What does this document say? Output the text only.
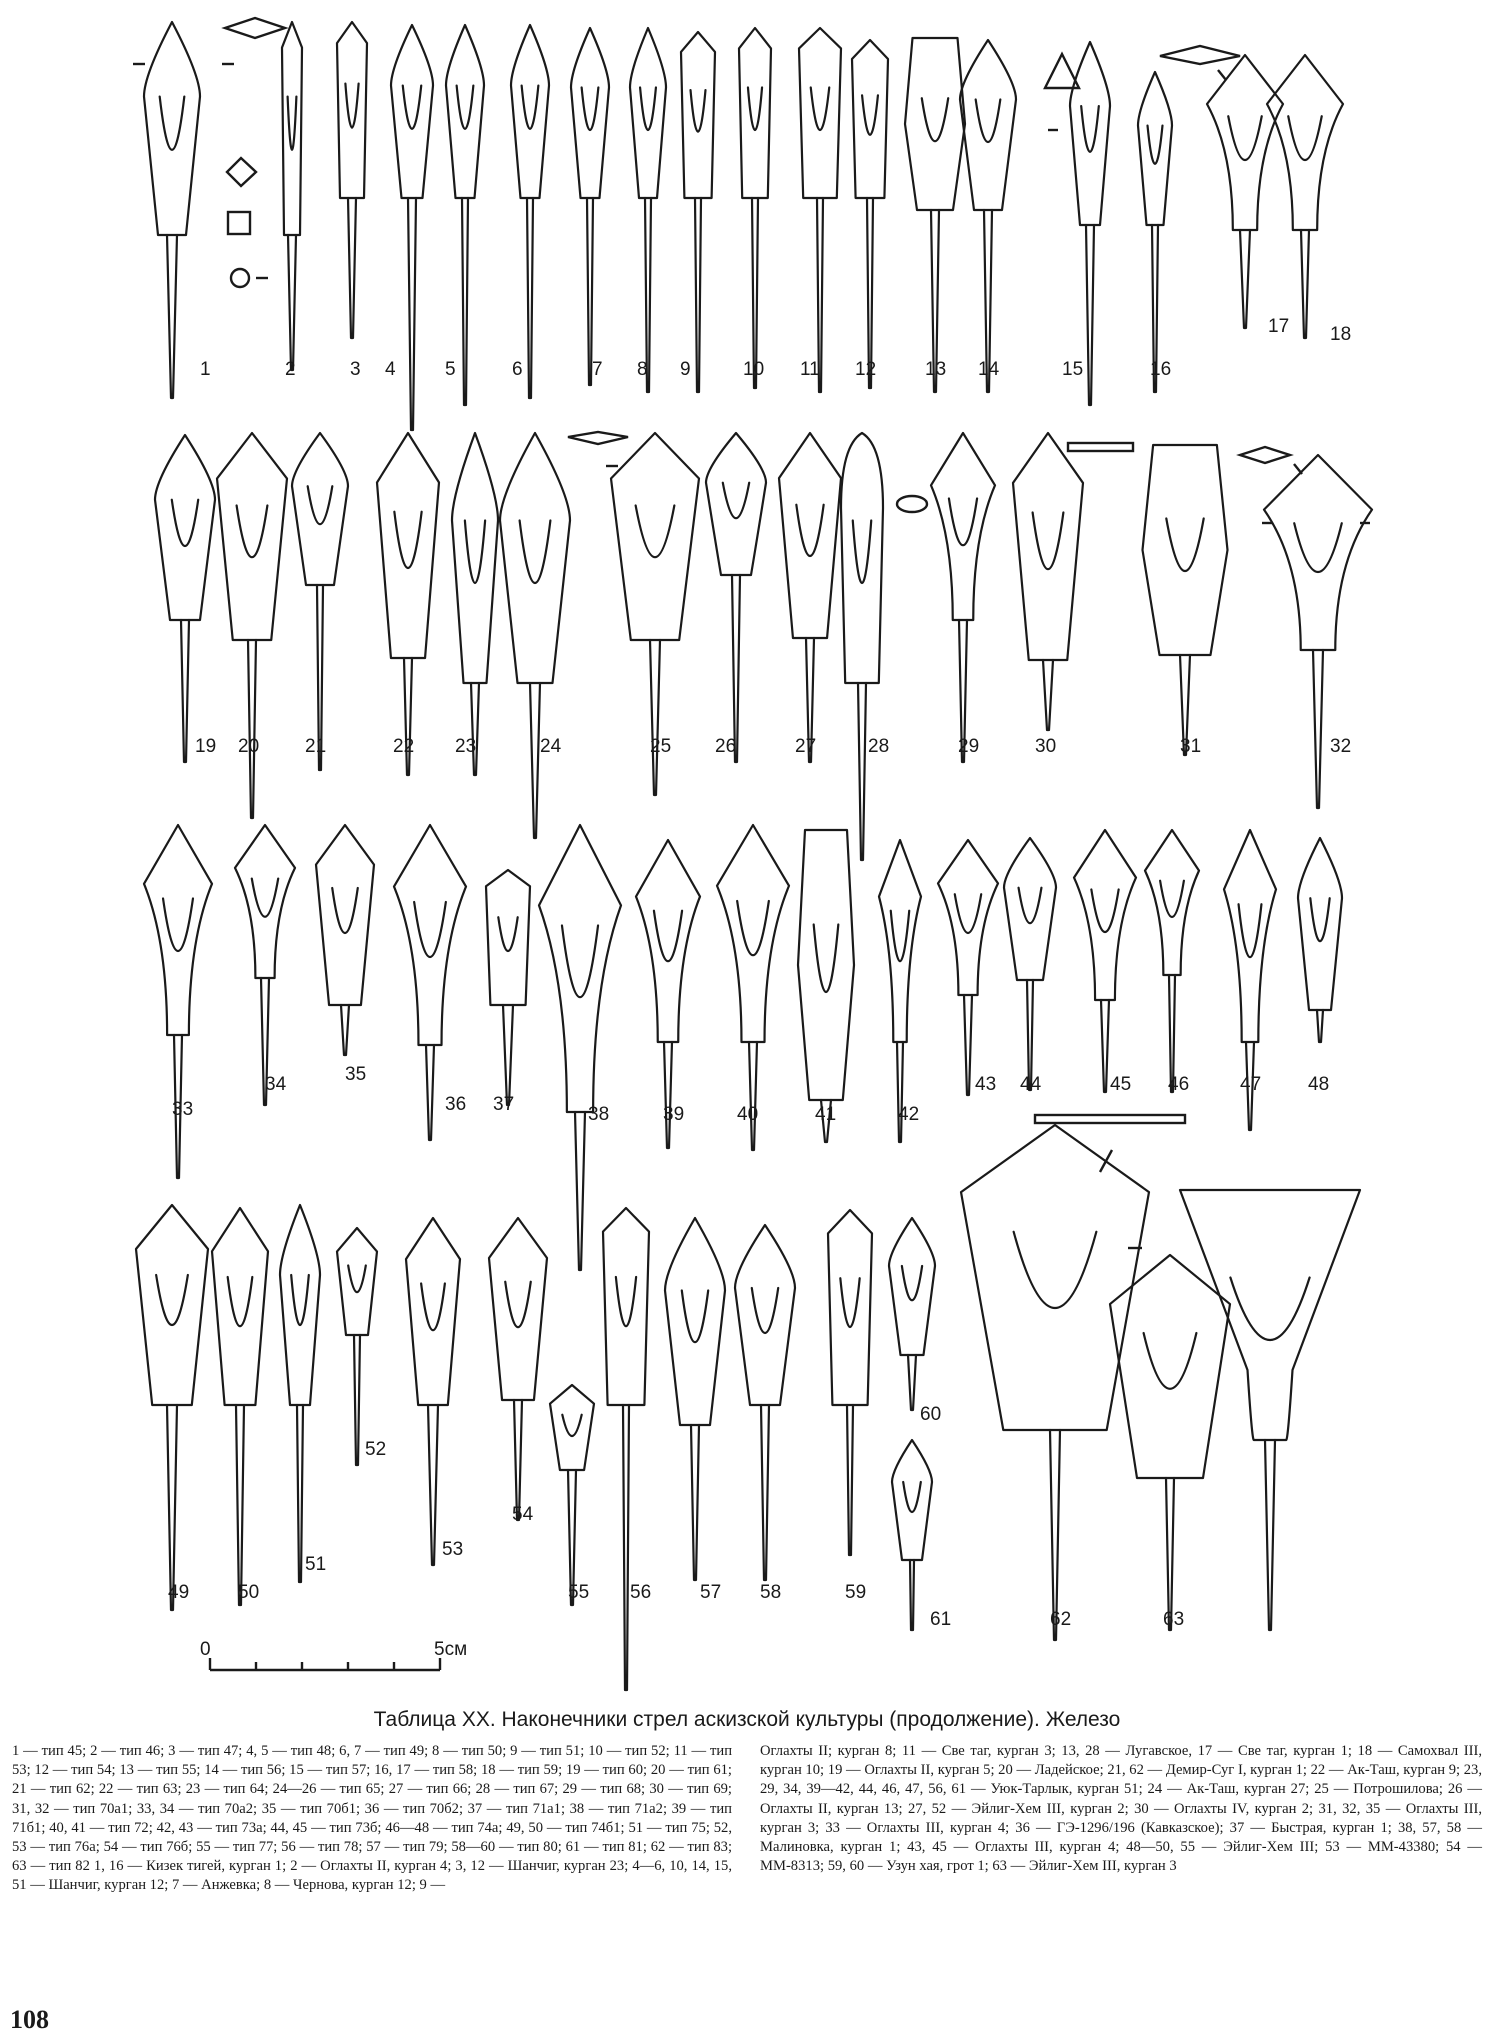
1	2	3 4	5	6	7 8 9	10 11 12	13 14	15	16
17 18
19 20 21	22 23	24	25 26	27	28	29	30	31	32
33
34	35
36 37	38	39	40	41	42
43 44	45 46	47 48
49	50
51
52
53
54
55 56	57 58	59
60
61	62	63
0	5см
Таблица XX. Наконечники стрел аскизской культуры (продолжение). Железо
1 — тип 45; 2 — тип 46; 3 — тип 47; 4, 5 — тип 48; 6, 7 — тип 49; 8 — тип 50; 9 — тип 51; 10 — тип 52; 11 — тип 53; 12 — тип 54; 13 — тип 55; 14 — тип 56; 15 — тип 57; 16, 17 — тип 58; 18 — тип 59; 19 — тип 60; 20 — тип 61; 21 — тип 62; 22 — тип 63; 23 — тип 64; 24—26 — тип 65; 27 — тип 66; 28 — тип 67; 29 — тип 68; 30 — тип 69; 31, 32 — тип 70а1; 33, 34 — тип 70а2; 35 — тип 70б1; 36 — тип 70б2; 37 — тип 71а1; 38 — тип 71а2; 39 — тип 71б1; 40, 41 — тип 72; 42, 43 — тип 73а; 44, 45 — тип 73б; 46—48 — тип 74а; 49, 50 — тип 74б1; 51 — тип 75; 52, 53 — тип 76а; 54 — тип 76б; 55 — тип 77; 56 — тип 78; 57 — тип 79; 58—60 — тип 80; 61 — тип 81; 62 — тип 83; 63 — тип 82 1, 16 — Кизек тигей, курган 1; 2 — Оглахты II, курган 4; 3, 12 — Шанчиг, курган 23; 4—6, 10, 14, 15, 51 — Шанчиг, курган 12; 7 — Анжевка; 8 — Чернова, курган 12; 9 —
Оглахты II; курган 8; 11 — Све таг, курган 3; 13, 28 — Лугавское, 17 — Све таг, курган 1; 18 — Самохвал III, курган 10; 19 — Оглахты II, курган 5; 20 — Ладейское; 21, 62 — Демир-Суг I, курган 1; 22 — Ак-Таш, курган 9; 23, 29, 34, 39—42, 44, 46, 47, 56, 61 — Уюк-Тарлык, курган 51; 24 — Ак-Таш, курган 27; 25 — Потрошилова; 26 — Оглахты II, курган 13; 27, 52 — Эйлиг-Хем III, курган 2; 30 — Оглахты IV, курган 2; 31, 32, 35 — Оглахты III, курган 3; 33 — Оглахты III, курган 4; 36 — ГЭ-1296/196 (Кавказское); 37 — Быстрая, курган 1; 38, 57, 58 — Малиновка, курган 1; 43, 45 — Оглахты III, курган 4; 48—50, 55 — Эйлиг-Хем III; 53 — ММ-43380; 54 — ММ-8313; 59, 60 — Узун хая, грот 1; 63 — Эйлиг-Хем III, курган 3
108
